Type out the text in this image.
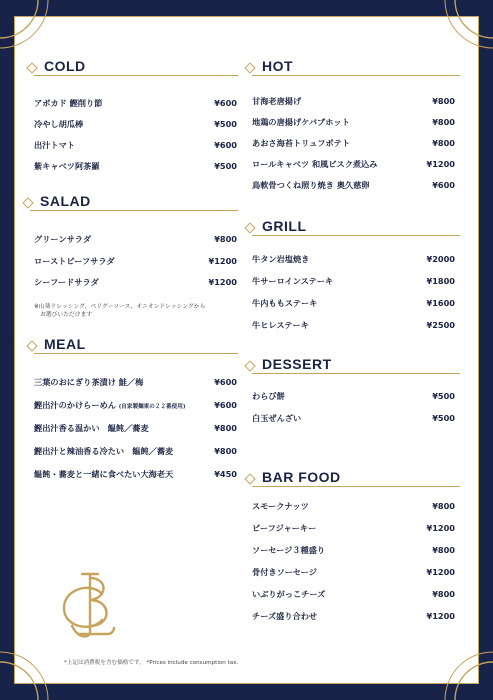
COLD
アボカド 鰹削り節	¥600
冷やし胡瓜棒	¥500
出汁トマト	¥600
紫キャベツ阿茶羅	¥500
SALAD
グリーンサラダ	¥800
ローストビーフサラダ	¥1200
シーフードサラダ	¥1200
※山葵ドレッシング、ペリグーソース、オニオンドレッシングから
お選びいただけます
MEAL
三葉のおにぎり茶漬け 鮭／梅	¥600
鰹出汁のかけらーめん (自家製麺東の２２番使用)	¥600
鰹出汁香る温かい　饂飩／蕎麦	¥800
鰹出汁と辣油香る冷たい　饂飩／蕎麦	¥800
饂飩・蕎麦と一緒に食べたい大海老天	¥450
HOT
甘海老唐揚げ	¥800
地鶏の唐揚げケバブホット	¥800
あおさ海苔トリュフポテト	¥800
ロールキャベツ 和風ビスク煮込み	¥1200
鳥軟骨つくね照り焼き 奥久慈卵	¥600
GRILL
牛タン岩塩焼き	¥2000
牛サーロインステーキ	¥1800
牛内ももステーキ	¥1600
牛ヒレステーキ	¥2500
DESSERT
わらび餅	¥500
白玉ぜんざい	¥500
BAR FOOD
スモークナッツ	¥800
ビーフジャーキー	¥1200
ソーセージ３種盛り	¥800
骨付きソーセージ	¥1200
いぶりがっこチーズ	¥800
チーズ盛り合わせ	¥1200
*上記は消費税を含む価格です。 *Prices include consumption tax.
